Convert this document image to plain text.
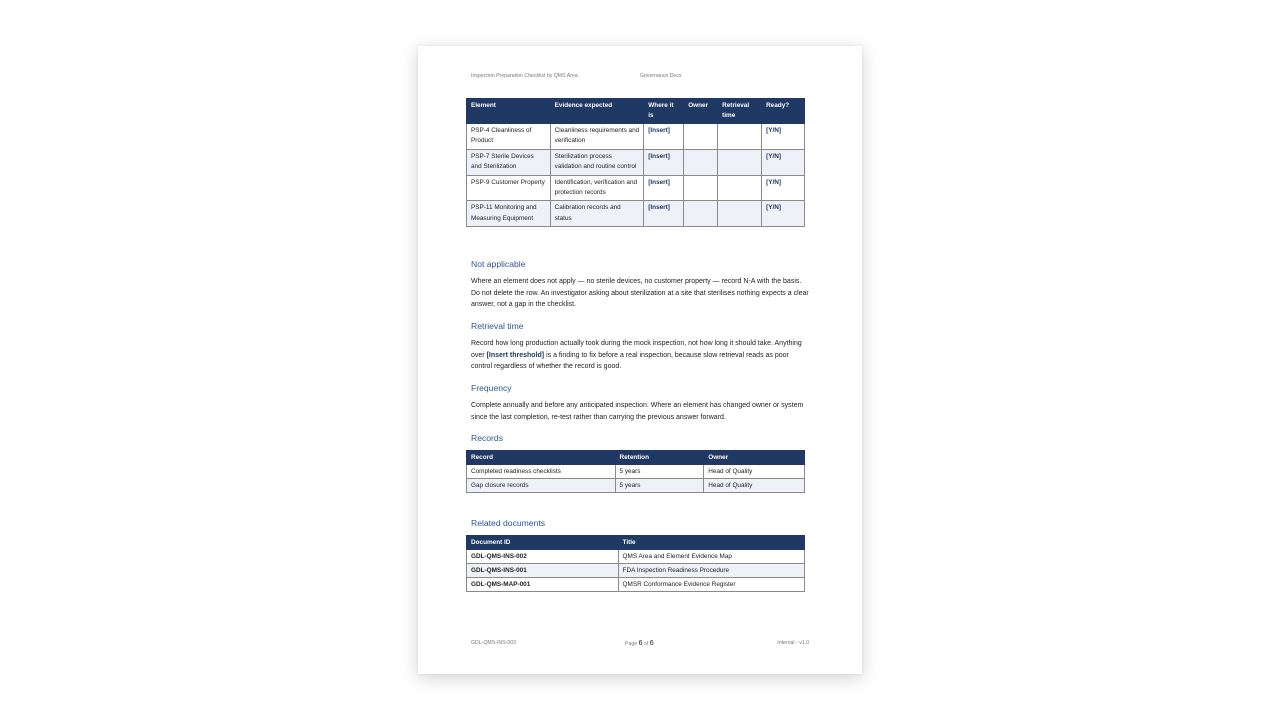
Inspection Preparation Checklist by QMS Area	Governance Docs
Element	Evidence expected	Where it is	Owner	Retrieval time	Ready?
PSP-4 Cleanliness of Product	Cleanliness requirements and verification	[Insert]			[Y/N]
PSP-7 Sterile Devices and Sterilization	Sterilization process validation and routine control	[Insert]			[Y/N]
PSP-9 Customer Property	Identification, verification and protection records	[Insert]			[Y/N]
PSP-11 Monitoring and Measuring Equipment	Calibration records and status	[Insert]			[Y/N]
Not applicable
Where an element does not apply — no sterile devices, no customer property — record N-A with the basis. Do not delete the row. An investigator asking about sterilization at a site that sterilises nothing expects a clear answer, not a gap in the checklist.
Retrieval time
Record how long production actually took during the mock inspection, not how long it should take. Anything over [Insert threshold] is a finding to fix before a real inspection, because slow retrieval reads as poor control regardless of whether the record is good.
Frequency
Complete annually and before any anticipated inspection. Where an element has changed owner or system since the last completion, re-test rather than carrying the previous answer forward.
Records
Record	Retention	Owner
Completed readiness checklists	5 years	Head of Quality
Gap closure records	5 years	Head of Quality
Related documents
Document ID	Title
GDL-QMS-INS-002	QMS Area and Element Evidence Map
GDL-QMS-INS-001	FDA Inspection Readiness Procedure
GDL-QMS-MAP-001	QMSR Conformance Evidence Register
GDL-QMS-INS-003	Page 6 of 6	Internal - v1.0
